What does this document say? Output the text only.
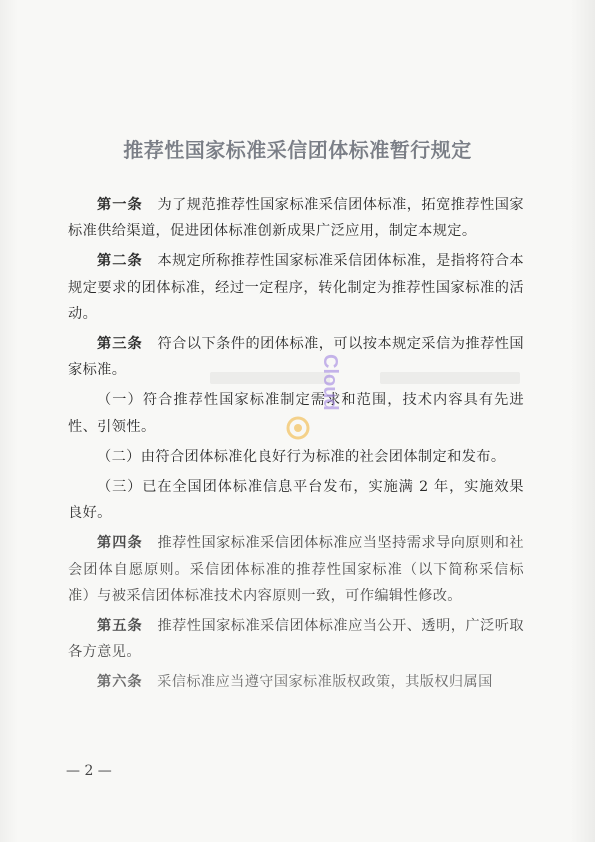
推荐性国家标准采信团体标准暂行规定

第一条　 为了规范推荐性国家标准采信团体标准，拓宽推荐性国家标准供给渠道，促进团体标准创新成果广泛应用，制定本规定。

第二条　 本规定所称推荐性国家标准采信团体标准，是指将符合本规定要求的团体标准，经过一定程序，转化制定为推荐性国家标准的活动。

第三条　 符合以下条件的团体标准，可以按本规定采信为推荐性国家标准。

（一）符合推荐性国家标准制定需求和范围，技术内容具有先进性、引领性。

（二）由符合团体标准化良好行为标准的社会团体制定和发布。

（三）已在全国团体标准信息平台发布，实施满 2 年，实施效果良好。

第四条　 推荐性国家标准采信团体标准应当坚持需求导向原则和社会团体自愿原则。采信团体标准的推荐性国家标准（以下简称采信标准）与被采信团体标准技术内容原则一致，可作编辑性修改。

第五条　 推荐性国家标准采信团体标准应当公开、透明，广泛听取各方意见。

第六条　 采信标准应当遵守国家标准版权政策，其版权归属国

Cloud
— 2 —
